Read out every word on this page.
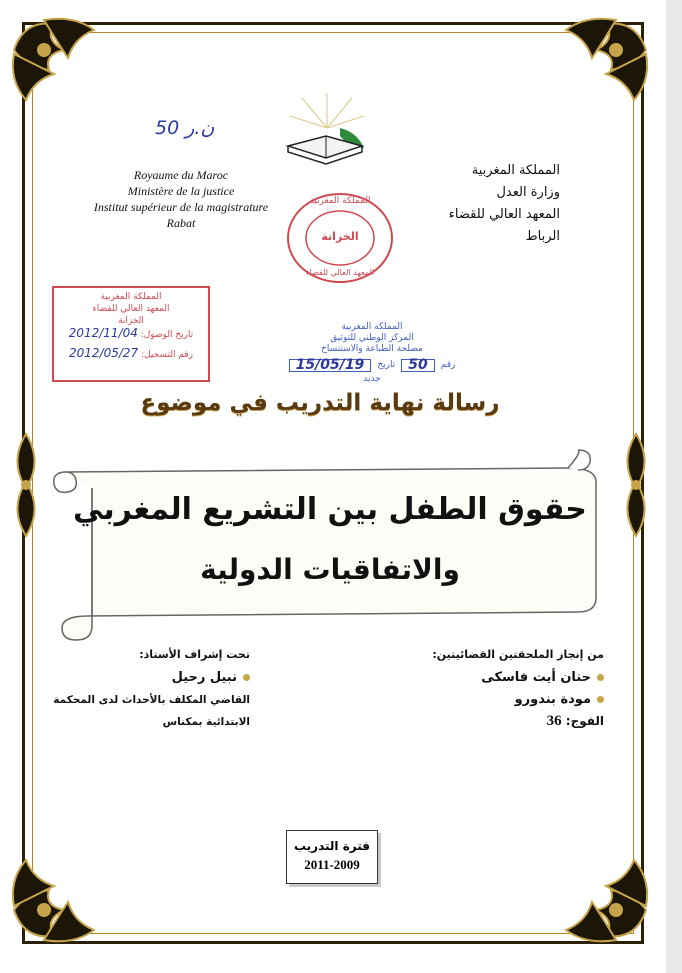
50 ن.ر
Royaume du Maroc
Ministère de la justice
Institut supérieur de la magistrature
Rabat
المملكة المغربية
وزارة العدل
المعهد العالي للقضاء
الرباط
المملكة المغربية
الخزانة
المعهد العالي للقضاء
المملكة المغربية
المعهد العالي للقضاء
الخزانة
تاريخ الوصول: 2012/11/04
رقم التسجيل: 2012/05/27
المملكة المغربية
المركز الوطني للتوثيق
مصلحة الطباعة والاستنساخ
15/05/19	تاريخ 50	رقم
جديد
رسالة نهاية التدريب في موضوع
حقوق الطفل بين التشريع المغربي
والاتفاقيات الدولية
من إنجاز الملحقتين القضائيتين:
حنان أيت فاسكى
مودة بندورو
الفوج: 36
تحت إشراف الأستاذ:
نبيل رحيل
القاضي المكلف بالأحداث لدى المحكمة
الابتدائية بمكناس
فترة التدريب
2011-2009
